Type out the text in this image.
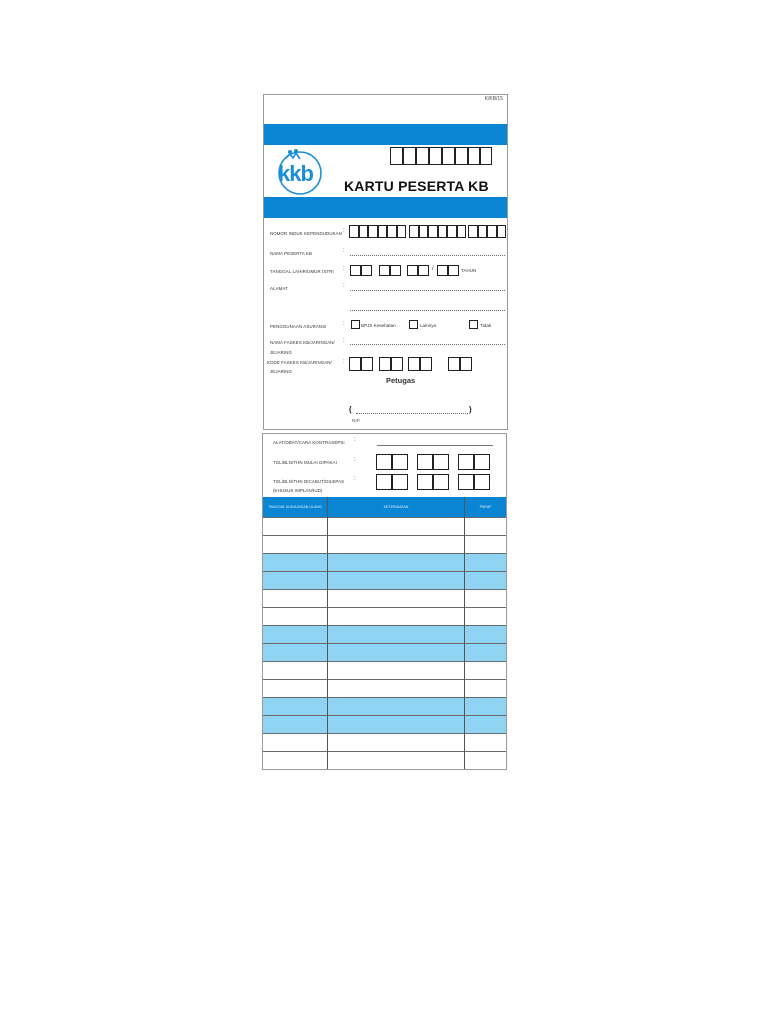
K/KB/15
kkb KARTU PESERTA KB
NOMOR INDUK KEPENDUDUKAN :
NAMA PESERTA KB	:
TANGGAL LAHIR/UMUR ISTRI :	/	TAHUN
ALAMAT	:
PENGGUNAAN ASURANSI	:	BPJS Kesehatan	Lainnya	Tidak
NAMA FASKES KB/JARINGAN/
JEJARING
:
KODE FASKES KB/JARINGAN/
JEJARING
:
Petugas
(	)
NIP.
ALAT/OBAT/CARA KONTRASEPSI :
TGL/BLN/THN MULAI DIPAKAI	:
TGL/BLN/THN DICABUT/DILEPAS
(KHUSUS IMPLAN/IUD)
:
TANGGAL KUNJUNGAN ULANG	KETERANGAN	PARAF
